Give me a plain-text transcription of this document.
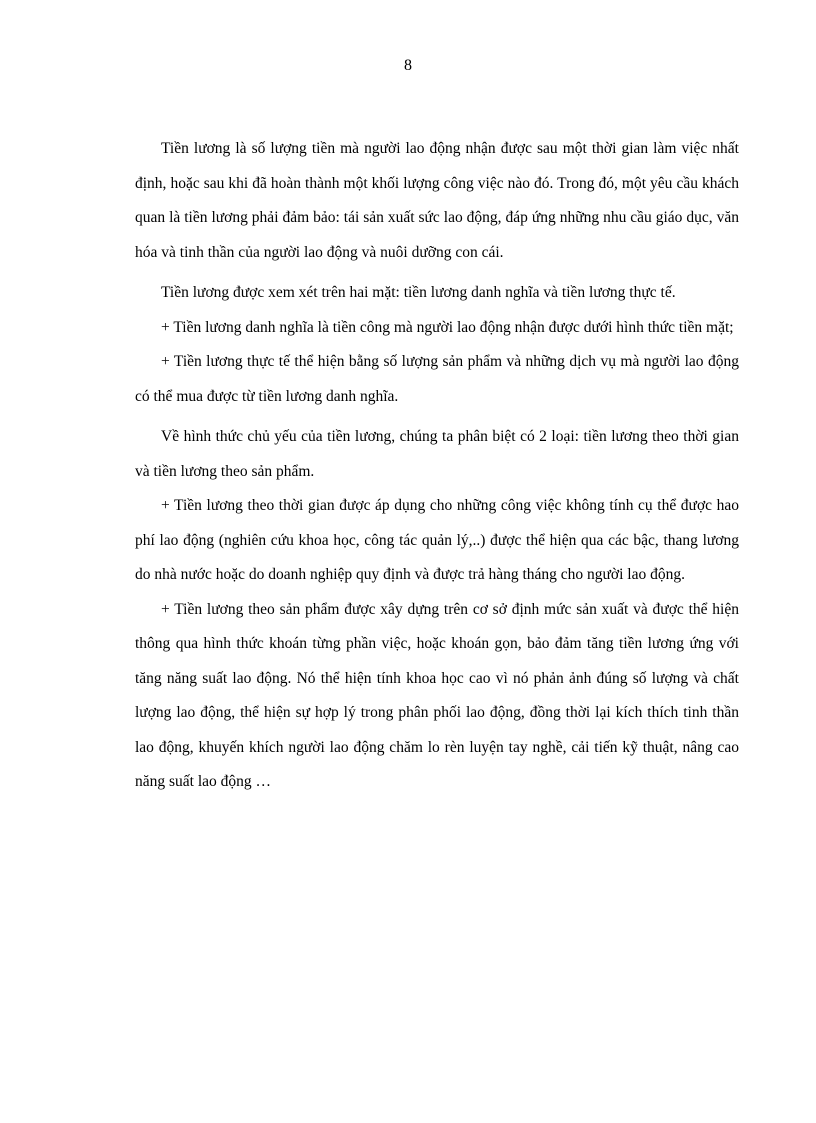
8

Tiền lương là số lượng tiền mà người lao động nhận được sau một thời gian làm việc nhất định, hoặc sau khi đã hoàn thành một khối lượng công việc nào đó. Trong đó, một yêu cầu khách quan là tiền lương phải đảm bảo: tái sản xuất sức lao động, đáp ứng những nhu cầu giáo dục, văn hóa và tinh thần của người lao động và nuôi dưỡng con cái.

Tiền lương được xem xét trên hai mặt: tiền lương danh nghĩa và tiền lương thực tế.

+ Tiền lương danh nghĩa là tiền công mà người lao động nhận được dưới hình thức tiền mặt;

+ Tiền lương thực tế thể hiện bằng số lượng sản phẩm và những dịch vụ mà người lao động có thể mua được từ tiền lương danh nghĩa.

Về hình thức chủ yếu của tiền lương, chúng ta phân biệt có 2 loại: tiền lương theo thời gian và tiền lương theo sản phẩm.

+ Tiền lương theo thời gian được áp dụng cho những công việc không tính cụ thể được hao phí lao động (nghiên cứu khoa học, công tác quản lý,..) được thể hiện qua các bậc, thang lương do nhà nước hoặc do doanh nghiệp quy định và được trả hàng tháng cho người lao động.

+ Tiền lương theo sản phẩm được xây dựng trên cơ sở định mức sản xuất và được thể hiện thông qua hình thức khoán từng phần việc, hoặc khoán gọn, bảo đảm tăng tiền lương ứng với tăng năng suất lao động. Nó thể hiện tính khoa học cao vì nó phản ảnh đúng số lượng và chất lượng lao động, thể hiện sự hợp lý trong phân phối lao động, đồng thời lại kích thích tinh thần lao động, khuyến khích người lao động chăm lo rèn luyện tay nghề, cải tiến kỹ thuật, nâng cao năng suất lao động …
